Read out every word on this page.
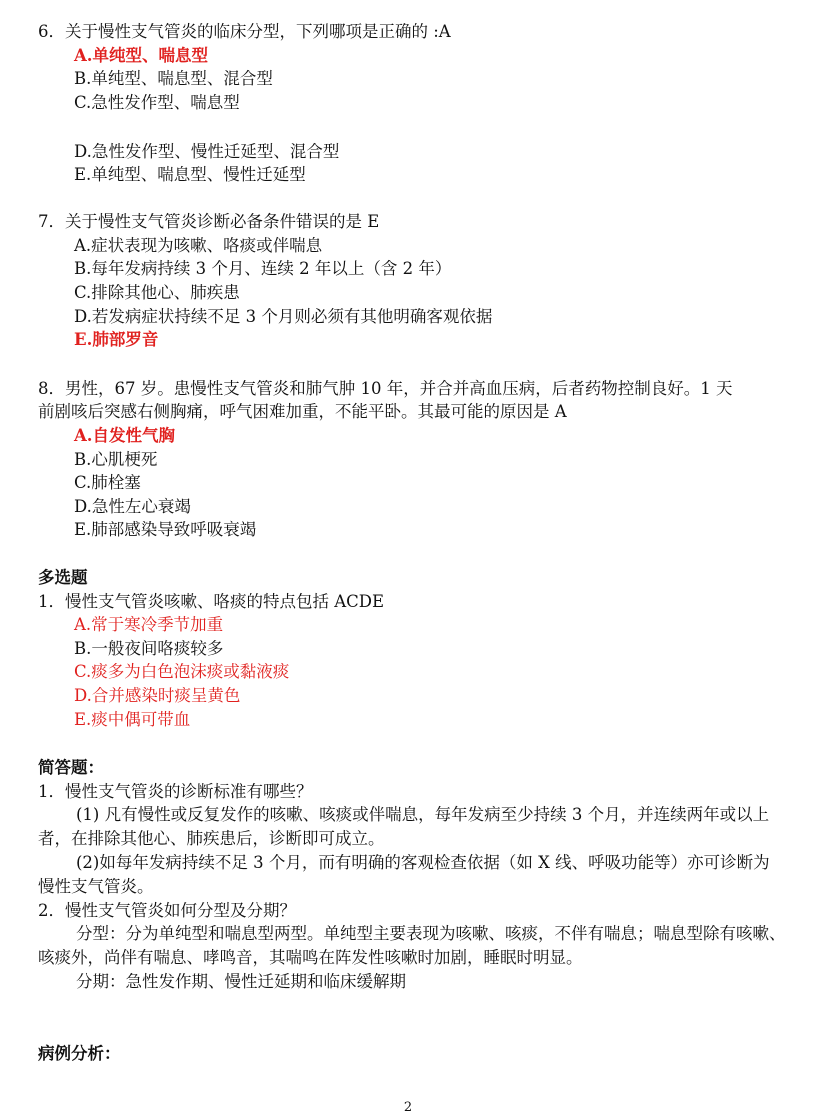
6．关于慢性支气管炎的临床分型，下列哪项是正确的 :A
A.单纯型、喘息型
B.单纯型、喘息型、混合型
C.急性发作型、喘息型
D.急性发作型、慢性迁延型、混合型
E.单纯型、喘息型、慢性迁延型
7．关于慢性支气管炎诊断必备条件错误的是 E
A.症状表现为咳嗽、咯痰或伴喘息
B.每年发病持续 3 个月、连续 2 年以上（含 2 年）
C.排除其他心、肺疾患
D.若发病症状持续不足 3 个月则必须有其他明确客观依据
E.肺部罗音
8．男性，67 岁。患慢性支气管炎和肺气肿 10 年，并合并高血压病，后者药物控制良好。1 天
前剧咳后突感右侧胸痛，呼气困难加重，不能平卧。其最可能的原因是 A
A.自发性气胸
B.心肌梗死
C.肺栓塞
D.急性左心衰竭
E.肺部感染导致呼吸衰竭
多选题
1．慢性支气管炎咳嗽、咯痰的特点包括 ACDE
A.常于寒冷季节加重
B.一般夜间咯痰较多
C.痰多为白色泡沫痰或黏液痰
D.合并感染时痰呈黄色
E.痰中偶可带血
简答题：
1．慢性支气管炎的诊断标准有哪些？
(1) 凡有慢性或反复发作的咳嗽、咳痰或伴喘息，每年发病至少持续 3 个月，并连续两年或以上者，在排除其他心、肺疾患后，诊断即可成立。
(2)如每年发病持续不足 3 个月，而有明确的客观检查依据（如 X 线、呼吸功能等）亦可诊断为慢性支气管炎。
2．慢性支气管炎如何分型及分期？
分型：分为单纯型和喘息型两型。单纯型主要表现为咳嗽、咳痰，不伴有喘息；喘息型除有咳嗽、咳痰外，尚伴有喘息、哮鸣音，其喘鸣在阵发性咳嗽时加剧，睡眠时明显。
分期：急性发作期、慢性迁延期和临床缓解期
病例分析：
2
